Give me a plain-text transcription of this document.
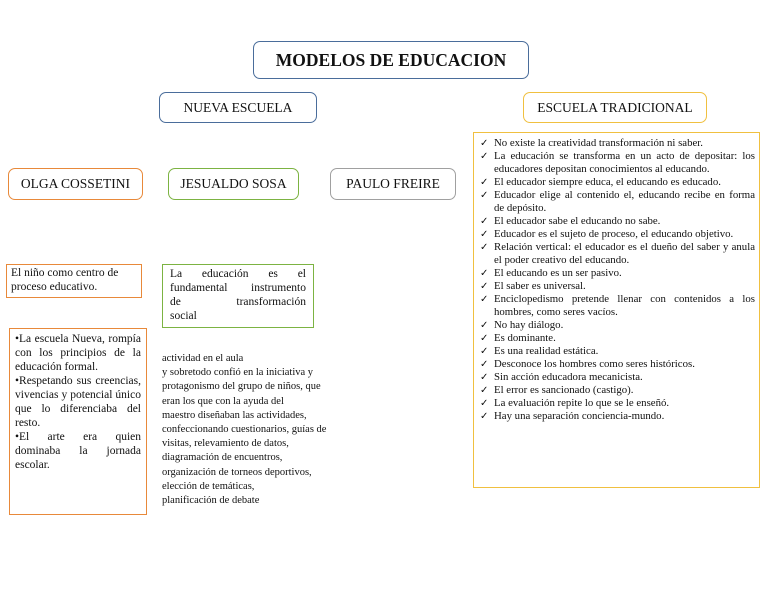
MODELOS DE EDUCACION
NUEVA ESCUELA	ESCUELA TRADICIONAL
OLGA COSSETINI	JESUALDO SOSA	PAULO FREIRE
El niño como centro de proceso educativo.
La educación es el
fundamental instrumento
de transformación
social

•La escuela Nueva, rompía con los principios de la educación formal.

•Respetando sus creencias, vivencias y potencial único que lo diferenciaba del resto.

•El arte era quien dominaba la jornada escolar.

actividad en el aula
y sobretodo confió en la iniciativa y
protagonismo del grupo de niños, que
eran los que con la ayuda del
maestro diseñaban las actividades,
confeccionando cuestionarios, guías de
visitas, relevamiento de datos,
diagramación de encuentros,
organización de torneos deportivos,
elección de temáticas,
planificación de debate
✓ No existe la creatividad transformación ni saber.
✓ La educación se transforma en un acto de depositar: los educadores depositan conocimientos al educando.
✓ El educador siempre educa, el educando es educado.
✓ Educador elige al contenido el, educando recibe en forma de depósito.
✓ El educador sabe el educando no sabe.
✓ Educador es el sujeto de proceso, el educando objetivo.
✓ Relación vertical: el educador es el dueño del saber y anula el poder creativo del educando.
✓ El educando es un ser pasivo.
✓ El saber es universal.
✓ Enciclopedismo pretende llenar con contenidos a los hombres, como seres vacíos.
✓ No hay diálogo.
✓ Es dominante.
✓ Es una realidad estática.
✓ Desconoce los hombres como seres históricos.
✓ Sin acción educadora mecanicista.
✓ El error es sancionado (castigo).
✓ La evaluación repite lo que se le enseñó.
✓ Hay una separación conciencia-mundo.
